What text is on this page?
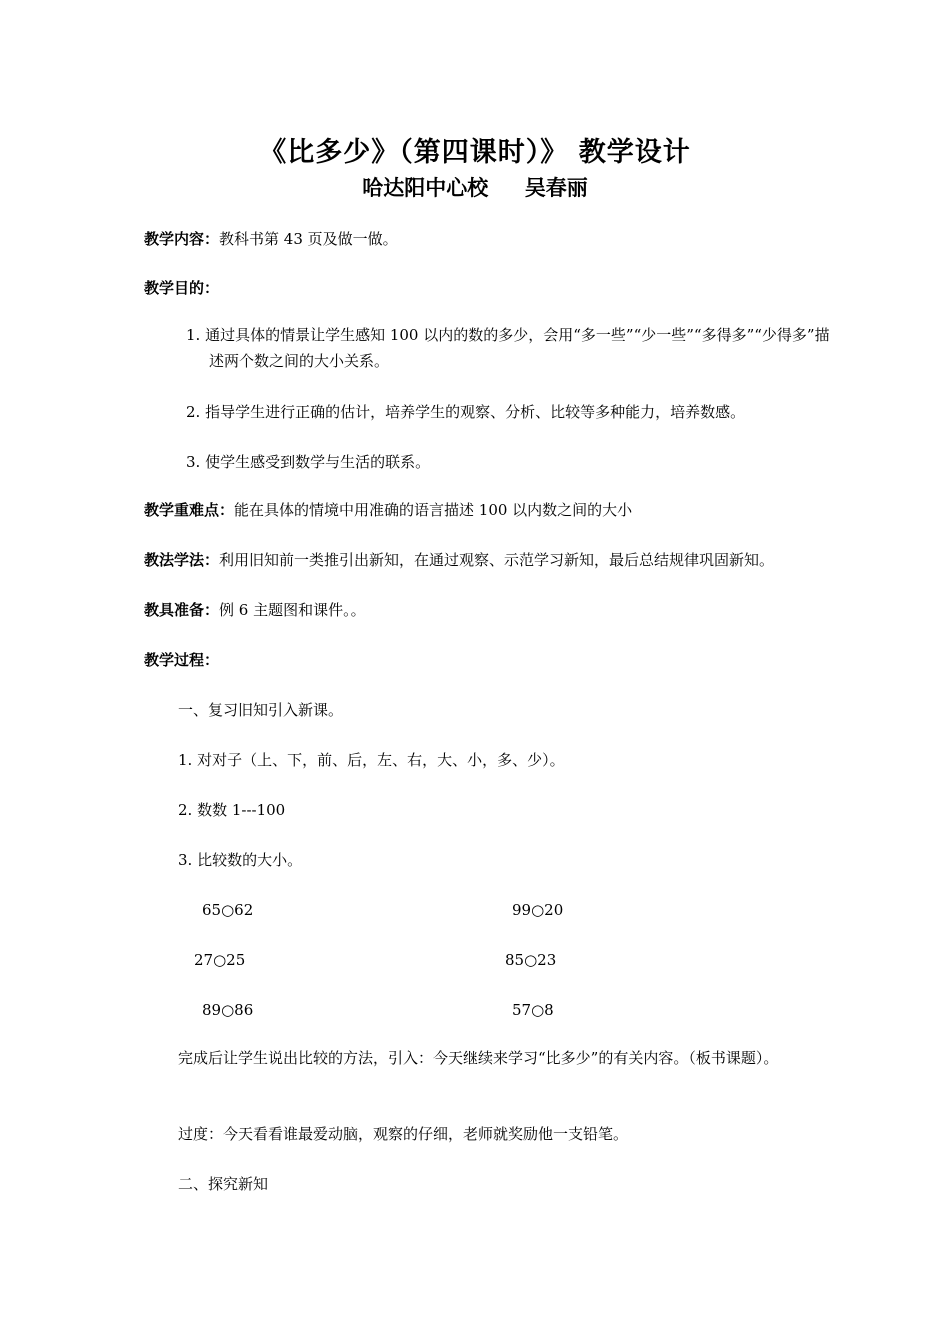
《比多少》（第四课时）》 教学设计
哈达阳中心校     吴春丽
教学内容：教科书第 43 页及做一做。
教学目的：
1. 通过具体的情景让学生感知 100 以内的数的多少，会用“多一些”“少一些”“多得多”“少得多”描述两个数之间的大小关系。
2. 指导学生进行正确的估计，培养学生的观察、分析、比较等多种能力，培养数感。
3. 使学生感受到数学与生活的联系。
教学重难点：能在具体的情境中用准确的语言描述 100 以内数之间的大小
教法学法：利用旧知前一类推引出新知，在通过观察、示范学习新知，最后总结规律巩固新知。
教具准备：例 6 主题图和课件。。
教学过程：
一、复习旧知引入新课。
1. 对对子（上、下，前、后，左、右，大、小，多、少）。
2. 数数 1---100
3. 比较数的大小。
65○62	99○20
27○25	85○23
89○86	57○8
完成后让学生说出比较的方法，引入：今天继续来学习“比多少”的有关内容。（板书课题）。
过度：今天看看谁最爱动脑，观察的仔细，老师就奖励他一支铅笔。
二、探究新知
